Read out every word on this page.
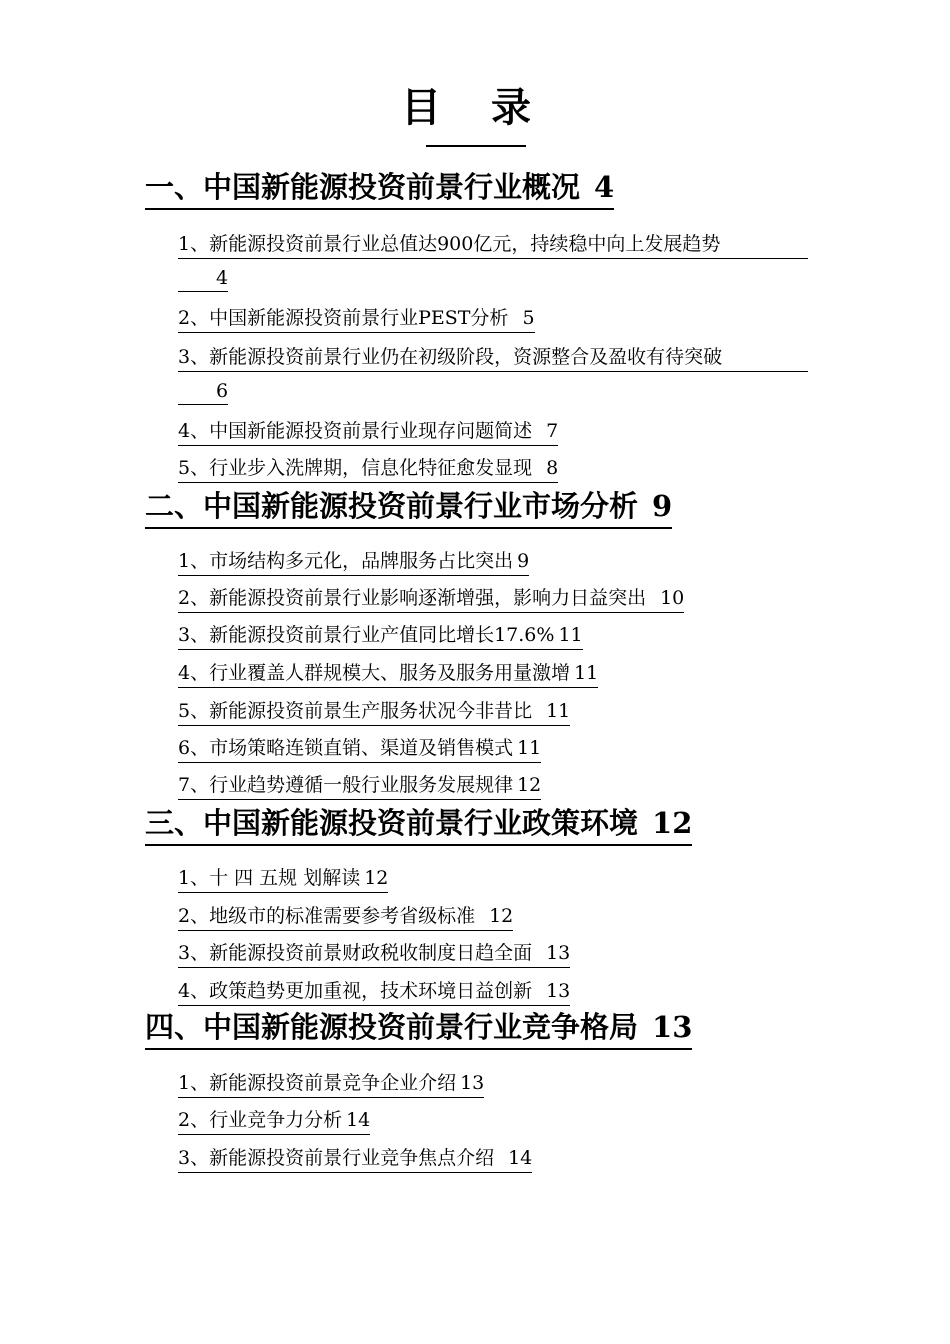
目 录
一、中国新能源投资前景行业概况 4
1、新能源投资前景行业总值达900亿元，持续稳中向上发展趋势
4
2、中国新能源投资前景行业PEST分析 5
3、新能源投资前景行业仍在初级阶段，资源整合及盈收有待突破
6
4、中国新能源投资前景行业现存问题简述 7
5、行业步入洗牌期，信息化特征愈发显现 8
二、中国新能源投资前景行业市场分析 9
1、市场结构多元化，品牌服务占比突出 9
2、新能源投资前景行业影响逐渐增强，影响力日益突出 10
3、新能源投资前景行业产值同比增长17.6% 11
4、行业覆盖人群规模大、服务及服务用量激增 11
5、新能源投资前景生产服务状况今非昔比 11
6、市场策略连锁直销、渠道及销售模式 11
7、行业趋势遵循一般行业服务发展规律 12
三、中国新能源投资前景行业政策环境 12
1、十 四 五规 划解读 12
2、地级市的标准需要参考省级标准 12
3、新能源投资前景财政税收制度日趋全面 13
4、政策趋势更加重视，技术环境日益创新 13
四、中国新能源投资前景行业竞争格局 13
1、新能源投资前景竞争企业介绍 13
2、行业竞争力分析 14
3、新能源投资前景行业竞争焦点介绍 14
